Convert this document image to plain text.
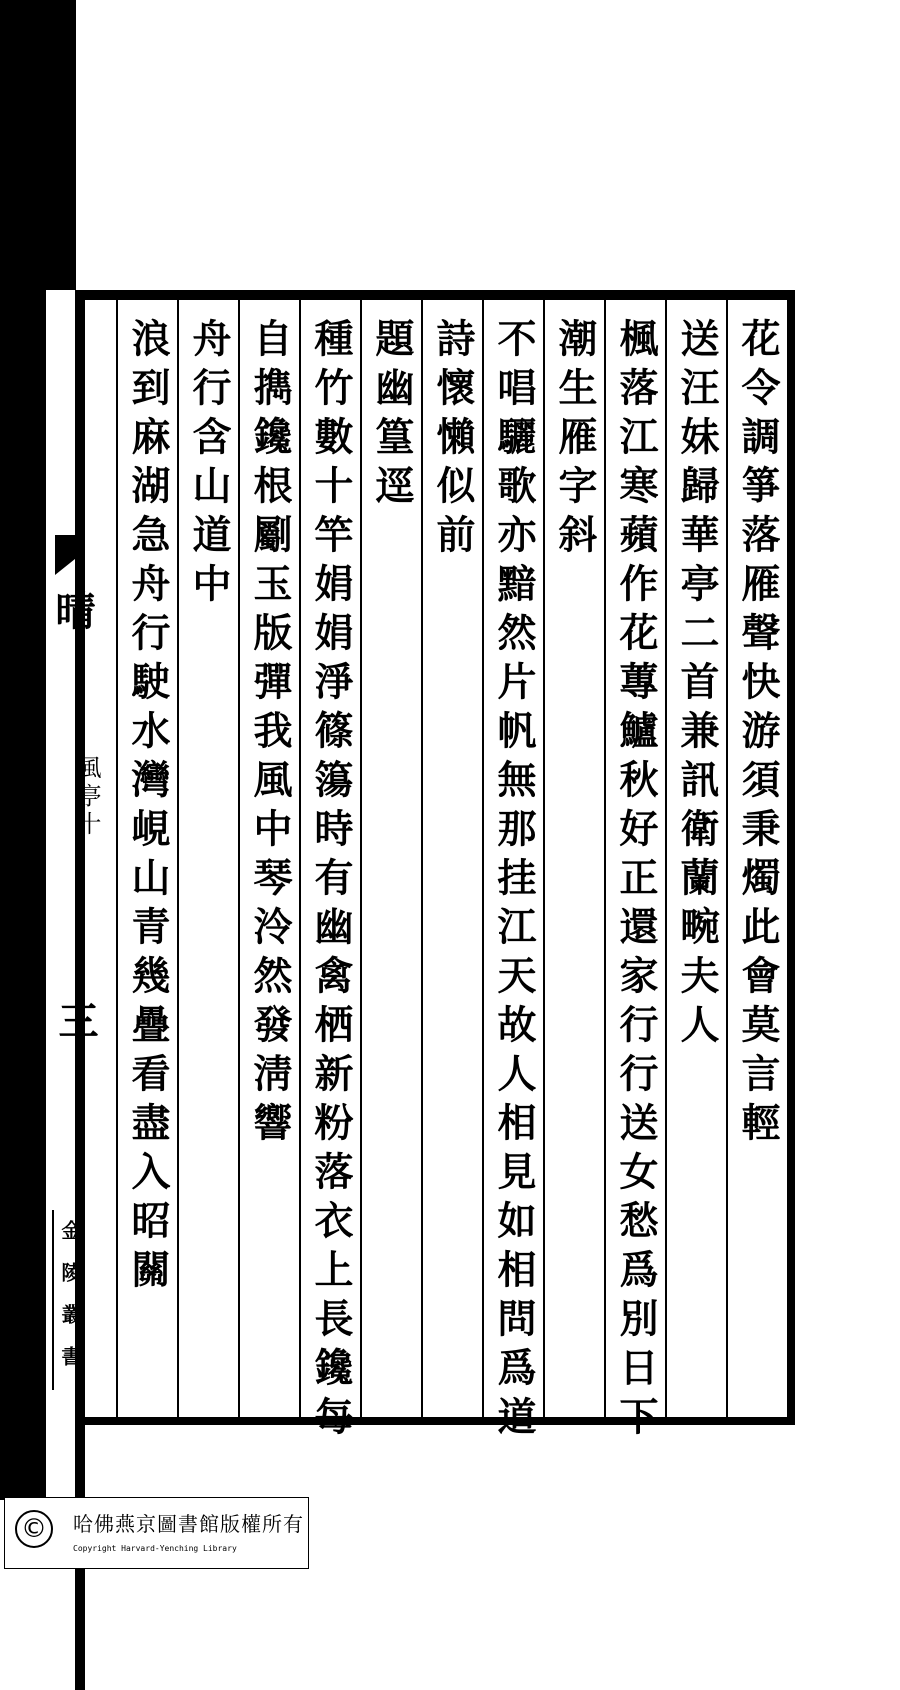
花令調箏落雁聲快游須秉燭此會莫言輕
送汪妹歸華亭二首兼訊衛蘭畹夫人
楓落江寒蘋作花蓴鱸秋好正還家行行送女愁爲別日下
潮生雁字斜
不唱驪歌亦黯然片帆無那挂江天故人相見如相問爲道
詩懷懶似前
題幽篁逕
種竹數十竿娟娟淨篠簜時有幽禽栖新粉落衣上長鑱每
自擕鑱根劚玉版彈我風中琴泠然發淸響
舟行含山道中
浪到麻湖急舟行駛水灣峴山青幾疊看盡入昭關
晴
風亭十
三
金陵叢書
©	哈佛燕京圖書館版權所有
Copyright Harvard-Yenching Library
